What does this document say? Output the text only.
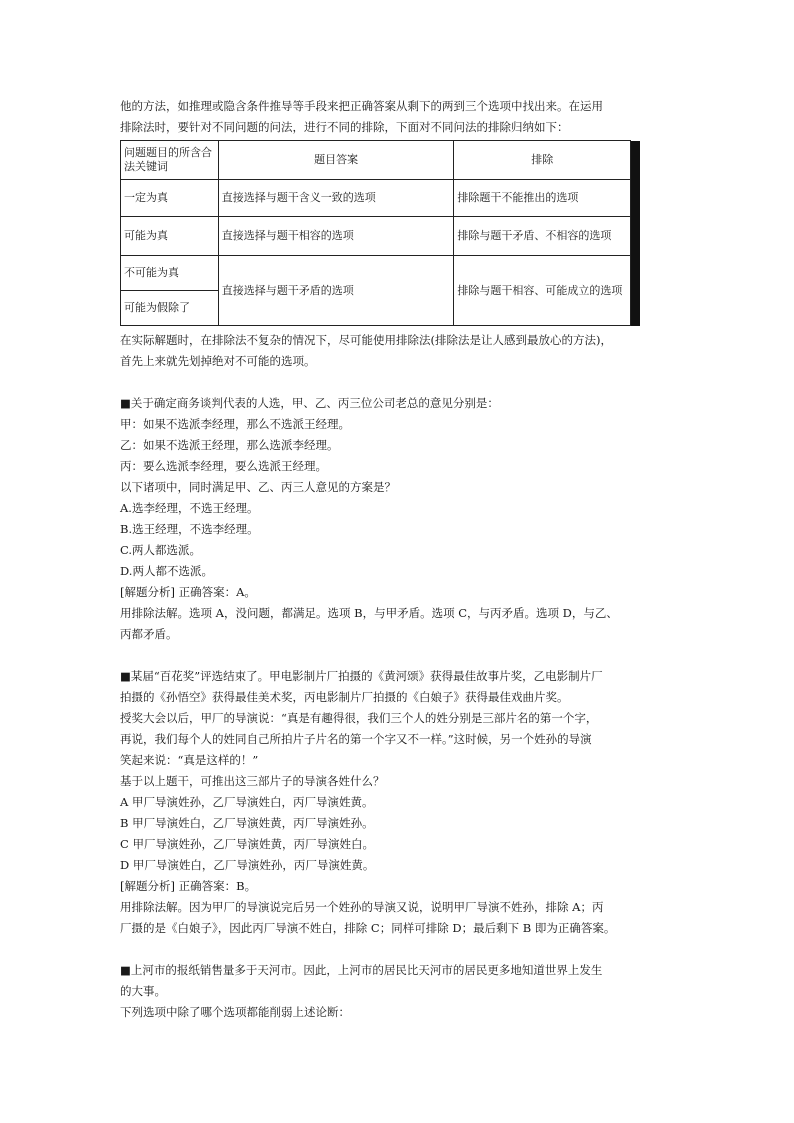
他的方法，如推理或隐含条件推导等手段来把正确答案从剩下的两到三个选项中找出来。在运用

排除法时，要针对不同问题的问法，进行不同的排除，下面对不同问法的排除归纳如下：

问题题目的所含合法关键词	题目答案	排除	
一定为真	直接选择与题干含义一致的选项	排除题干不能推出的选项	
可能为真	直接选择与题干相容的选项	排除与题干矛盾、不相容的选项	
不可能为真	直接选择与题干矛盾的选项	排除与题干相容、可能成立的选项	
可能为假除了			

在实际解题时，在排除法不复杂的情况下，尽可能使用排除法(排除法是让人感到最放心的方法)，

首先上来就先划掉绝对不可能的选项。

■关于确定商务谈判代表的人选，甲、乙、丙三位公司老总的意见分别是：

甲：如果不选派李经理，那么不选派王经理。

乙：如果不选派王经理，那么选派李经理。

丙：要么选派李经理，要么选派王经理。

以下诸项中，同时满足甲、乙、丙三人意见的方案是？

A.选李经理，不选王经理。

B.选王经理，不选李经理。

C.两人都选派。

D.两人都不选派。

[解题分析] 正确答案：A。

用排除法解。选项 A，没问题，都满足。选项 B，与甲矛盾。选项 C，与丙矛盾。选项 D，与乙、

丙都矛盾。

■某届“百花奖”评选结束了。甲电影制片厂拍摄的《黄河颂》获得最佳故事片奖，乙电影制片厂

拍摄的《孙悟空》获得最佳美术奖，丙电影制片厂拍摄的《白娘子》获得最佳戏曲片奖。

授奖大会以后，甲厂的导演说：“真是有趣得很，我们三个人的姓分别是三部片名的第一个字，

再说，我们每个人的姓同自己所拍片子片名的第一个字又不一样。”这时候，另一个姓孙的导演

笑起来说：“真是这样的！”

基于以上题干，可推出这三部片子的导演各姓什么？

A 甲厂导演姓孙，乙厂导演姓白，丙厂导演姓黄。

B 甲厂导演姓白，乙厂导演姓黄，丙厂导演姓孙。

C 甲厂导演姓孙，乙厂导演姓黄，丙厂导演姓白。

D 甲厂导演姓白，乙厂导演姓孙，丙厂导演姓黄。

[解题分析] 正确答案：B。

用排除法解。因为甲厂的导演说完后另一个姓孙的导演又说，说明甲厂导演不姓孙，排除 A；丙

厂摄的是《白娘子》，因此丙厂导演不姓白，排除 C；同样可排除 D；最后剩下 B 即为正确答案。

■上河市的报纸销售量多于天河市。因此，上河市的居民比天河市的居民更多地知道世界上发生

的大事。

下列选项中除了哪个选项都能削弱上述论断：
